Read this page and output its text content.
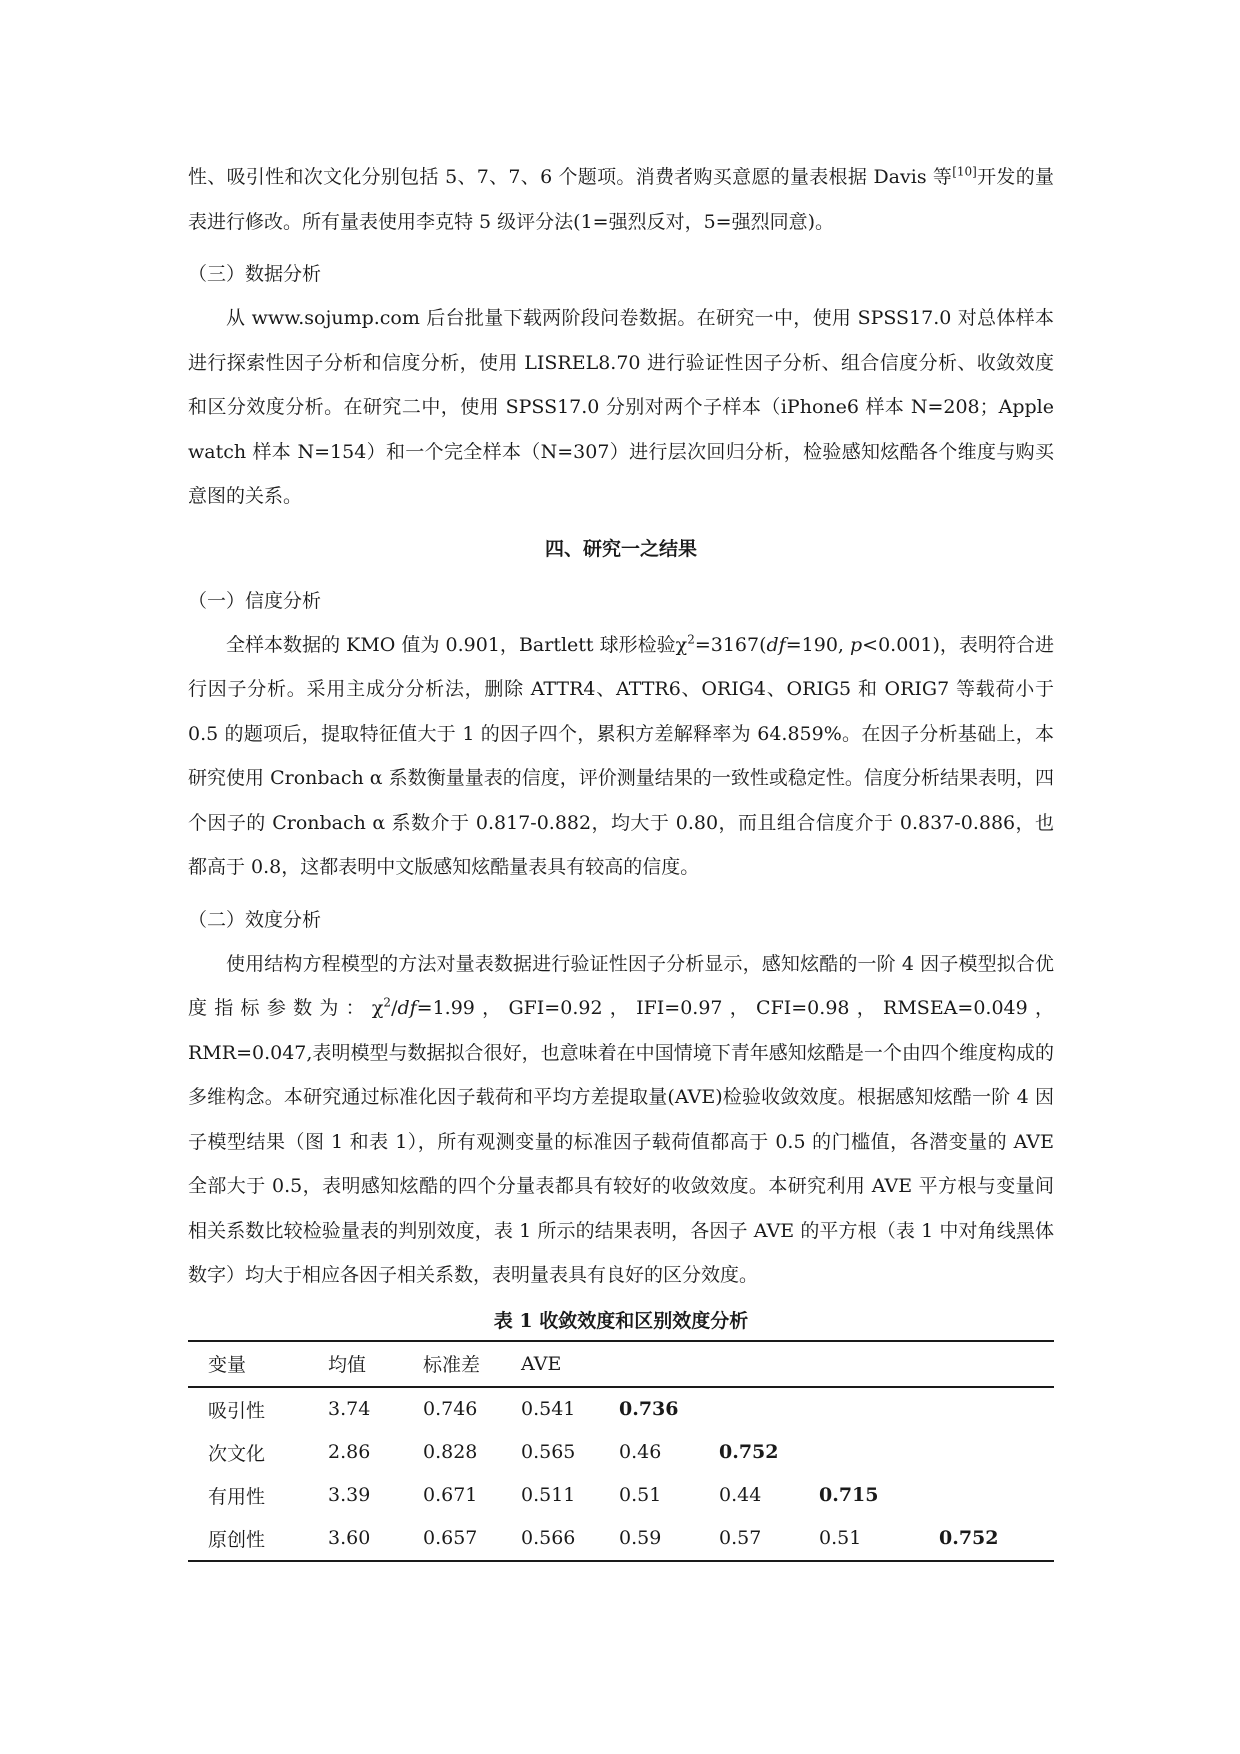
性、吸引性和次文化分别包括 5、7、7、6 个题项。消费者购买意愿的量表根据 Davis 等[10]开发的量表进行修改。所有量表使用李克特 5 级评分法(1=强烈反对，5=强烈同意)。

（三）数据分析

从 www.sojump.com 后台批量下载两阶段问卷数据。在研究一中，使用 SPSS17.0 对总体样本进行探索性因子分析和信度分析，使用 LISREL8.70 进行验证性因子分析、组合信度分析、收敛效度和区分效度分析。在研究二中，使用 SPSS17.0 分别对两个子样本（iPhone6 样本 N=208；Apple watch 样本 N=154）和一个完全样本（N=307）进行层次回归分析，检验感知炫酷各个维度与购买意图的关系。

四、研究一之结果

（一）信度分析

全样本数据的 KMO 值为 0.901，Bartlett 球形检验$\chi^2=3167(df=190$, p<0.001)，表明符合进行因子分析。采用主成分分析法，删除 ATTR4、ATTR6、ORIG4、ORIG5 和 ORIG7 等载荷小于 0.5 的题项后，提取特征值大于 1 的因子四个，累积方差解释率为 64.859%。在因子分析基础上，本研究使用 Cronbach α 系数衡量量表的信度，评价测量结果的一致性或稳定性。信度分析结果表明，四个因子的 Cronbach α 系数介于 0.817-0.882，均大于 0.80，而且组合信度介于 0.837-0.886，也都高于 0.8，这都表明中文版感知炫酷量表具有较高的信度。

（二）效度分析

使用结构方程模型的方法对量表数据进行验证性因子分析显示，感知炫酷的一阶 4 因子模型拟合优度指标参数为：$\chi^2/df=1.99$，GFI=0.92，IFI=0.97，CFI=0.98，RMSEA=0.049，RMR=0.047,表明模型与数据拟合很好，也意味着在中国情境下青年感知炫酷是一个由四个维度构成的多维构念。本研究通过标准化因子载荷和平均方差提取量(AVE)检验收敛效度。根据感知炫酷一阶 4 因子模型结果（图 1 和表 1），所有观测变量的标准因子载荷值都高于 0.5 的门槛值，各潜变量的 AVE 全部大于 0.5，表明感知炫酷的四个分量表都具有较好的收敛效度。本研究利用 AVE 平方根与变量间相关系数比较检验量表的判别效度，表 1 所示的结果表明，各因子 AVE 的平方根（表 1 中对角线黑体数字）均大于相应各因子相关系数，表明量表具有良好的区分效度。

表 1 收敛效度和区别效度分析
变量	均值	标准差	AVE				
吸引性	3.74	0.746	0.541	0.736			
次文化	2.86	0.828	0.565	0.46	0.752		
有用性	3.39	0.671	0.511	0.51	0.44	0.715	
原创性	3.60	0.657	0.566	0.59	0.57	0.51	0.752
